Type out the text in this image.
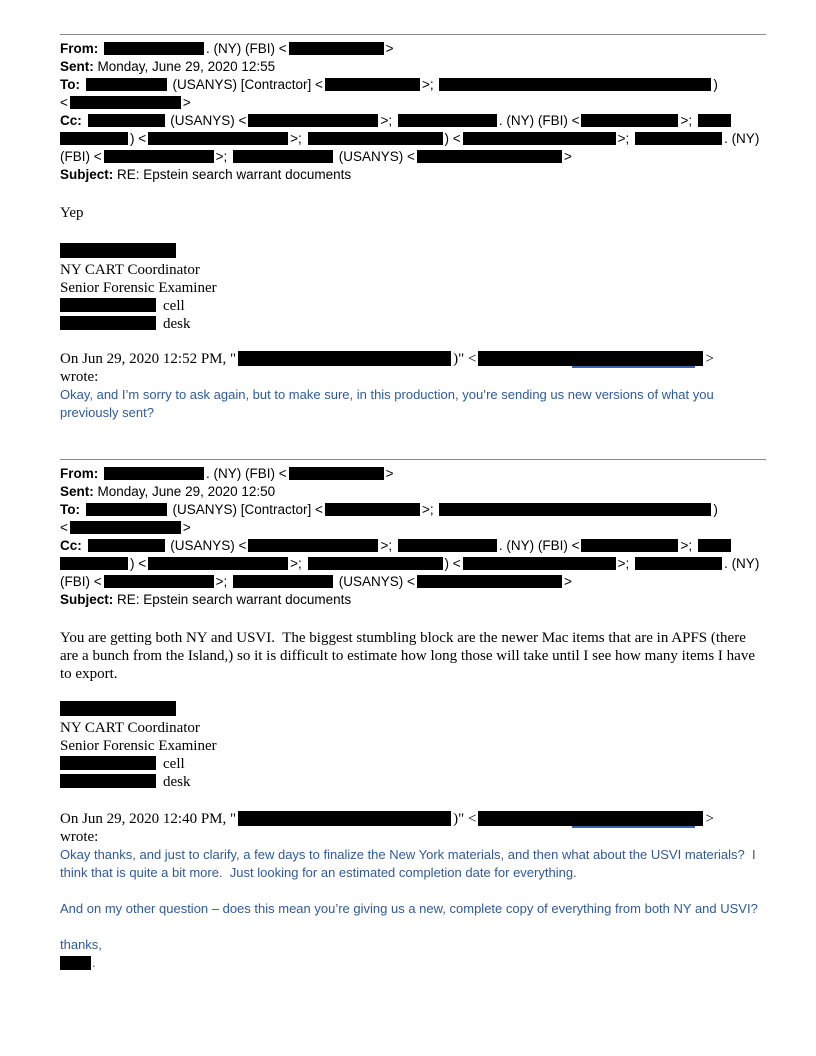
From:	. (NY) (FBI) <	>
Sent: Monday, June 29, 2020 12:55
To:	(USANYS) [Contractor] <	>;	)
<	>
Cc:	(USANYS) <	>;	. (NY) (FBI) <	>;
) <	>;	) <	>;	. (NY)
(FBI) <	>;	(USANYS) <	>
Subject: RE: Epstein search warrant documents
Yep
NY CART Coordinator
Senior Forensic Examiner
cell
desk
On Jun 29, 2020 12:52 PM, "	)" <	>
wrote:
Okay, and I’m sorry to ask again, but to make sure, in this production, you’re sending us new versions of what you previously sent?
From:	. (NY) (FBI) <	>
Sent: Monday, June 29, 2020 12:50
To:	(USANYS) [Contractor] <	>;	)
<	>
Cc:	(USANYS) <	>;	. (NY) (FBI) <	>;
) <	>;	) <	>;	. (NY)
(FBI) <	>;	(USANYS) <	>
Subject: RE: Epstein search warrant documents
You are getting both NY and USVI.  The biggest stumbling block are the newer Mac items that are in APFS (there are a bunch from the Island,) so it is difficult to estimate how long those will take until I see how many items I have to export.
NY CART Coordinator
Senior Forensic Examiner
cell
desk
On Jun 29, 2020 12:40 PM, "	)" <	>
wrote:
Okay thanks, and just to clarify, a few days to finalize the New York materials, and then what about the USVI materials?  I think that is quite a bit more.  Just looking for an estimated completion date for everything.
And on my other question – does this mean you’re giving us a new, complete copy of everything from both NY and USVI?
thanks,
.
